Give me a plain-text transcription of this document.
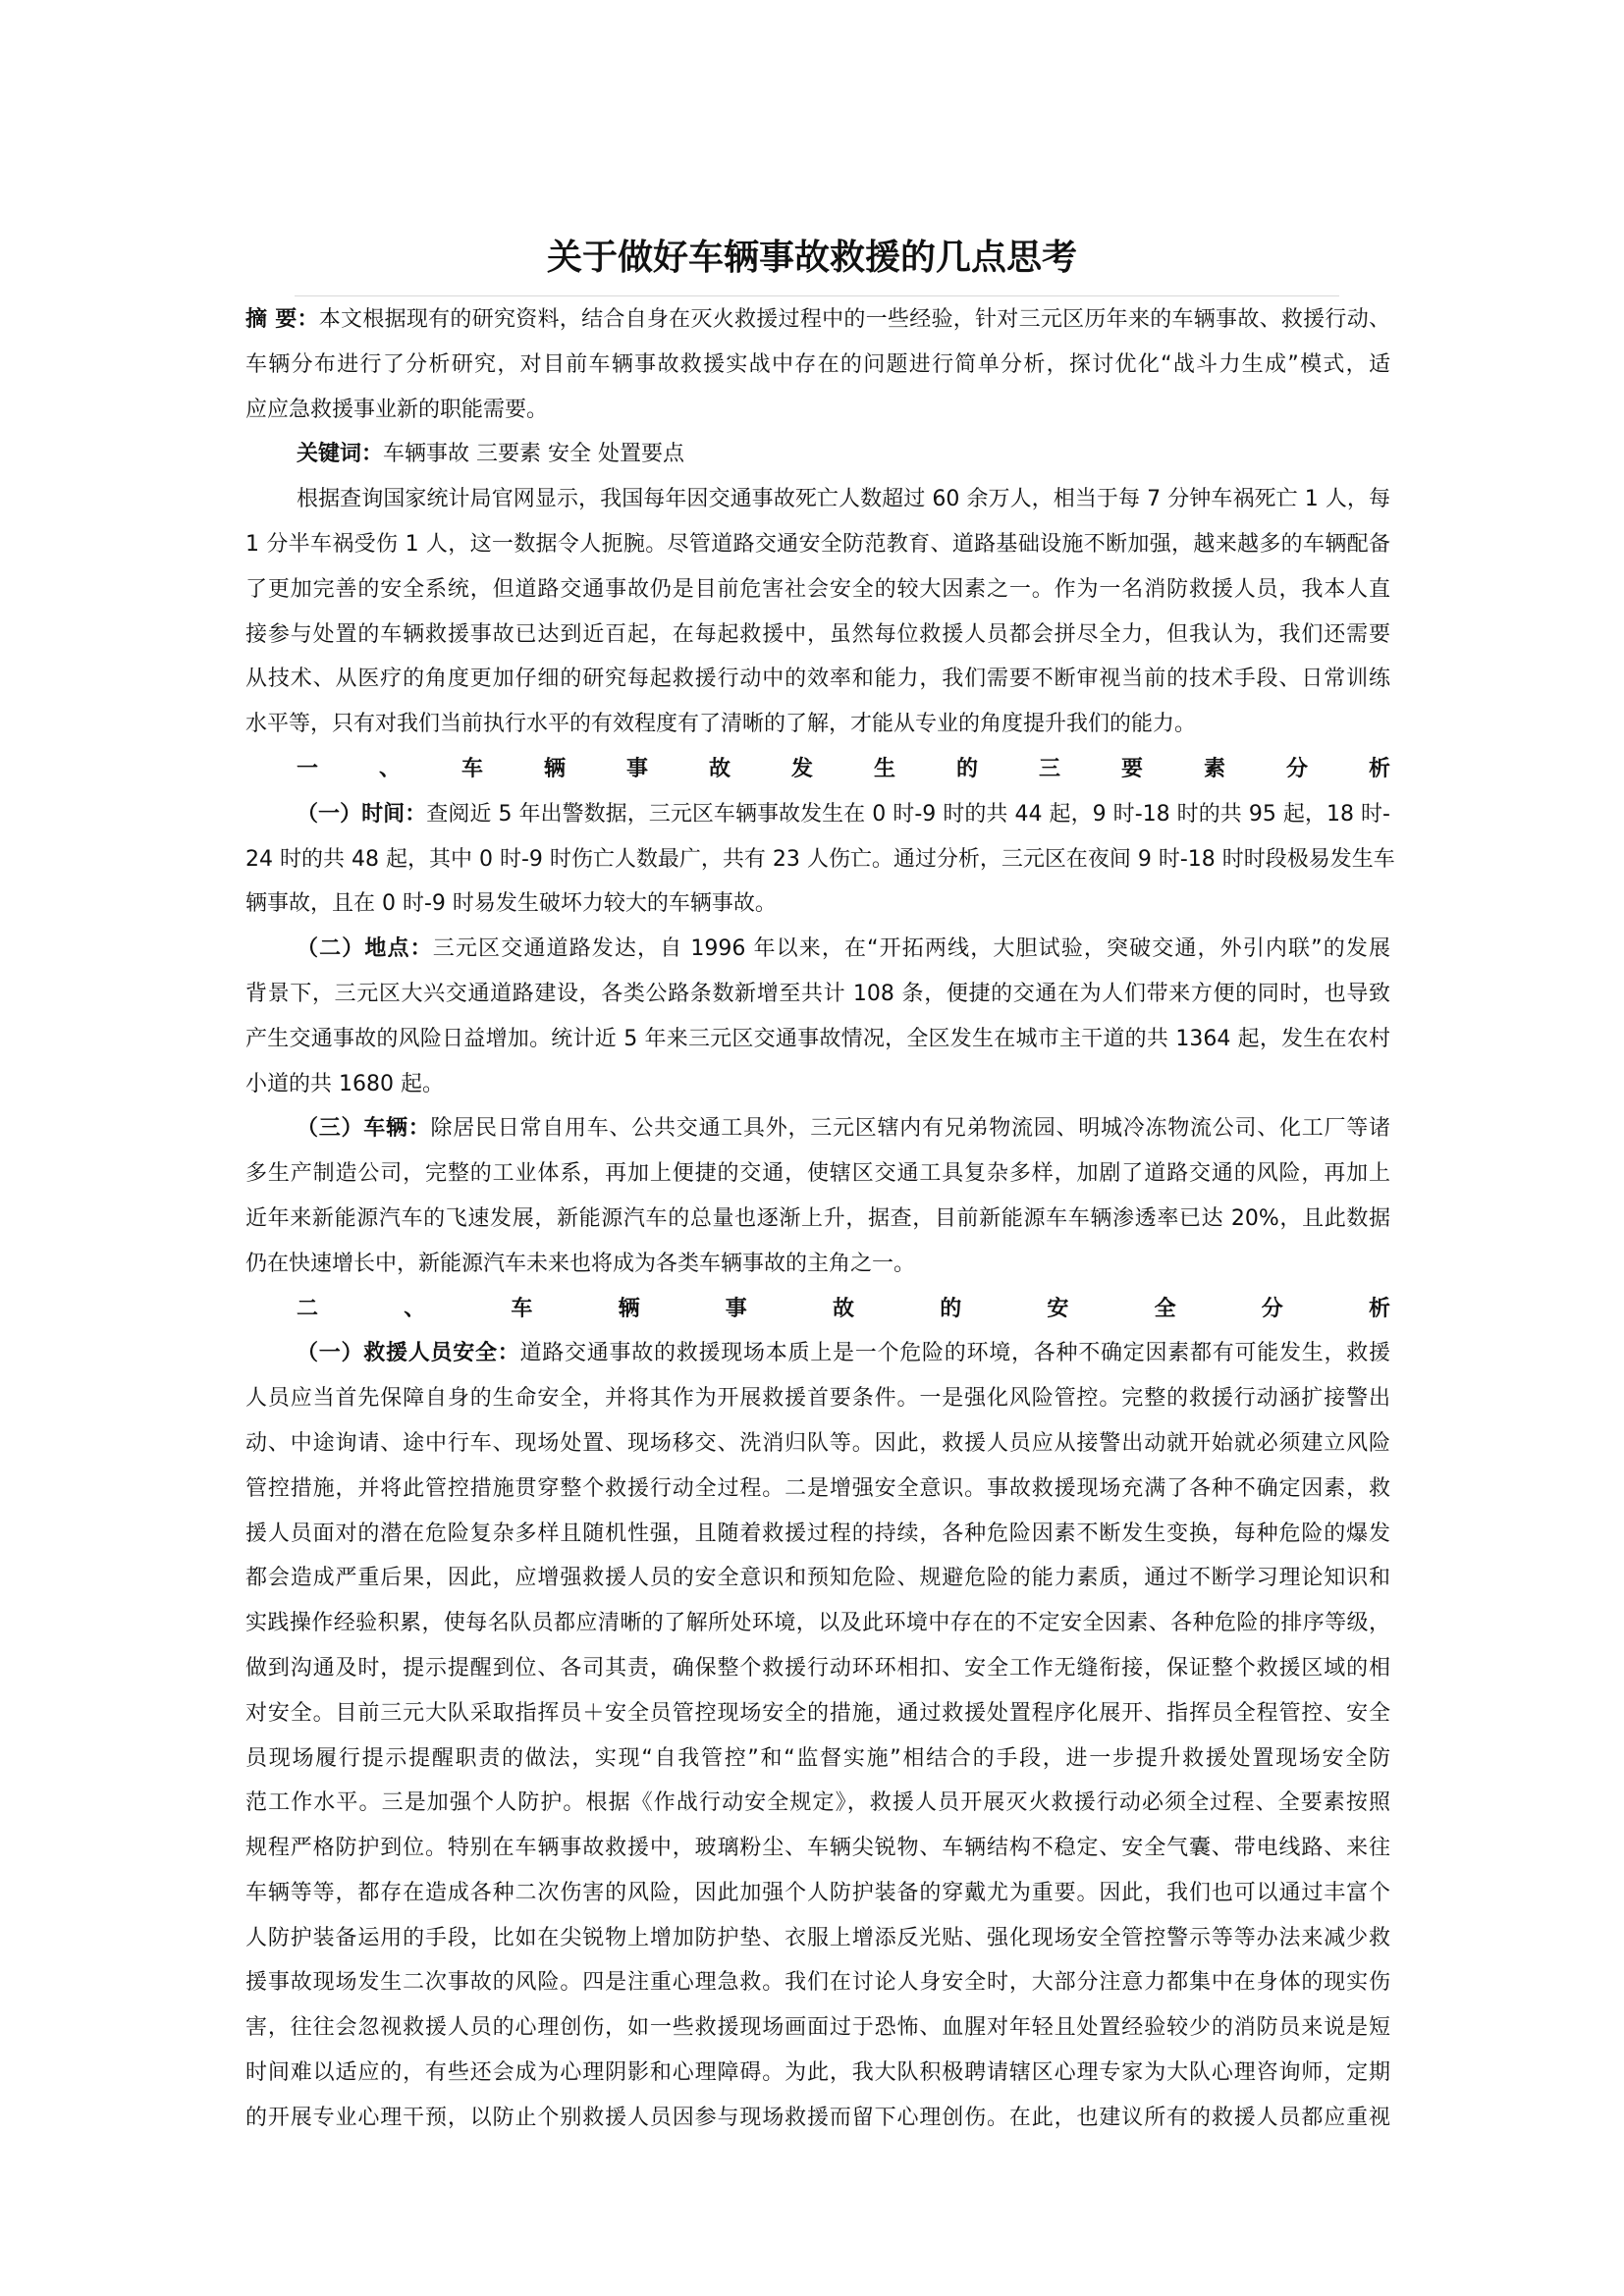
关于做好车辆事故救援的几点思考
摘 要：本文根据现有的研究资料，结合自身在灭火救援过程中的一些经验，针对三元区历年来的车辆事故、救援行动、
车辆分布进行了分析研究，对目前车辆事故救援实战中存在的问题进行简单分析，探讨优化“战斗力生成”模式，适
应应急救援事业新的职能需要。
关键词：车辆事故 三要素 安全 处置要点
根据查询国家统计局官网显示，我国每年因交通事故死亡人数超过 60 余万人，相当于每 7 分钟车祸死亡 1 人，每
1 分半车祸受伤 1 人，这一数据令人扼腕。尽管道路交通安全防范教育、道路基础设施不断加强，越来越多的车辆配备
了更加完善的安全系统，但道路交通事故仍是目前危害社会安全的较大因素之一。作为一名消防救援人员，我本人直
接参与处置的车辆救援事故已达到近百起，在每起救援中，虽然每位救援人员都会拼尽全力，但我认为，我们还需要
从技术、从医疗的角度更加仔细的研究每起救援行动中的效率和能力，我们需要不断审视当前的技术手段、日常训练
水平等，只有对我们当前执行水平的有效程度有了清晰的了解，才能从专业的角度提升我们的能力。
一、车辆事故发生的三要素分析
（一）时间：查阅近 5 年出警数据，三元区车辆事故发生在 0 时-9 时的共 44 起，9 时-18 时的共 95 起，18 时-
24 时的共 48 起，其中 0 时-9 时伤亡人数最广，共有 23 人伤亡。通过分析，三元区在夜间 9 时-18 时时段极易发生车
辆事故，且在 0 时-9 时易发生破坏力较大的车辆事故。
（二）地点：三元区交通道路发达，自 1996 年以来，在“开拓两线，大胆试验，突破交通，外引内联”的发展
背景下，三元区大兴交通道路建设，各类公路条数新增至共计 108 条，便捷的交通在为人们带来方便的同时，也导致
产生交通事故的风险日益增加。统计近 5 年来三元区交通事故情况，全区发生在城市主干道的共 1364 起，发生在农村
小道的共 1680 起。
（三）车辆：除居民日常自用车、公共交通工具外，三元区辖内有兄弟物流园、明城冷冻物流公司、化工厂等诸
多生产制造公司，完整的工业体系，再加上便捷的交通，使辖区交通工具复杂多样，加剧了道路交通的风险，再加上
近年来新能源汽车的飞速发展，新能源汽车的总量也逐渐上升，据查，目前新能源车车辆渗透率已达 20%，且此数据
仍在快速增长中，新能源汽车未来也将成为各类车辆事故的主角之一。
二、车辆事故的安全分析
（一）救援人员安全：道路交通事故的救援现场本质上是一个危险的环境，各种不确定因素都有可能发生，救援
人员应当首先保障自身的生命安全，并将其作为开展救援首要条件。一是强化风险管控。完整的救援行动涵扩接警出
动、中途询请、途中行车、现场处置、现场移交、洗消归队等。因此，救援人员应从接警出动就开始就必须建立风险
管控措施，并将此管控措施贯穿整个救援行动全过程。二是增强安全意识。事故救援现场充满了各种不确定因素，救
援人员面对的潜在危险复杂多样且随机性强，且随着救援过程的持续，各种危险因素不断发生变换，每种危险的爆发
都会造成严重后果，因此，应增强救援人员的安全意识和预知危险、规避危险的能力素质，通过不断学习理论知识和
实践操作经验积累，使每名队员都应清晰的了解所处环境，以及此环境中存在的不定安全因素、各种危险的排序等级，
做到沟通及时，提示提醒到位、各司其责，确保整个救援行动环环相扣、安全工作无缝衔接，保证整个救援区域的相
对安全。目前三元大队采取指挥员＋安全员管控现场安全的措施，通过救援处置程序化展开、指挥员全程管控、安全
员现场履行提示提醒职责的做法，实现“自我管控”和“监督实施”相结合的手段，进一步提升救援处置现场安全防
范工作水平。三是加强个人防护。根据《作战行动安全规定》，救援人员开展灭火救援行动必须全过程、全要素按照
规程严格防护到位。特别在车辆事故救援中，玻璃粉尘、车辆尖锐物、车辆结构不稳定、安全气囊、带电线路、来往
车辆等等，都存在造成各种二次伤害的风险，因此加强个人防护装备的穿戴尤为重要。因此，我们也可以通过丰富个
人防护装备运用的手段，比如在尖锐物上增加防护垫、衣服上增添反光贴、强化现场安全管控警示等等办法来减少救
援事故现场发生二次事故的风险。四是注重心理急救。我们在讨论人身安全时，大部分注意力都集中在身体的现实伤
害，往往会忽视救援人员的心理创伤，如一些救援现场画面过于恐怖、血腥对年轻且处置经验较少的消防员来说是短
时间难以适应的，有些还会成为心理阴影和心理障碍。为此，我大队积极聘请辖区心理专家为大队心理咨询师，定期
的开展专业心理干预，以防止个别救援人员因参与现场救援而留下心理创伤。在此，也建议所有的救援人员都应重视
